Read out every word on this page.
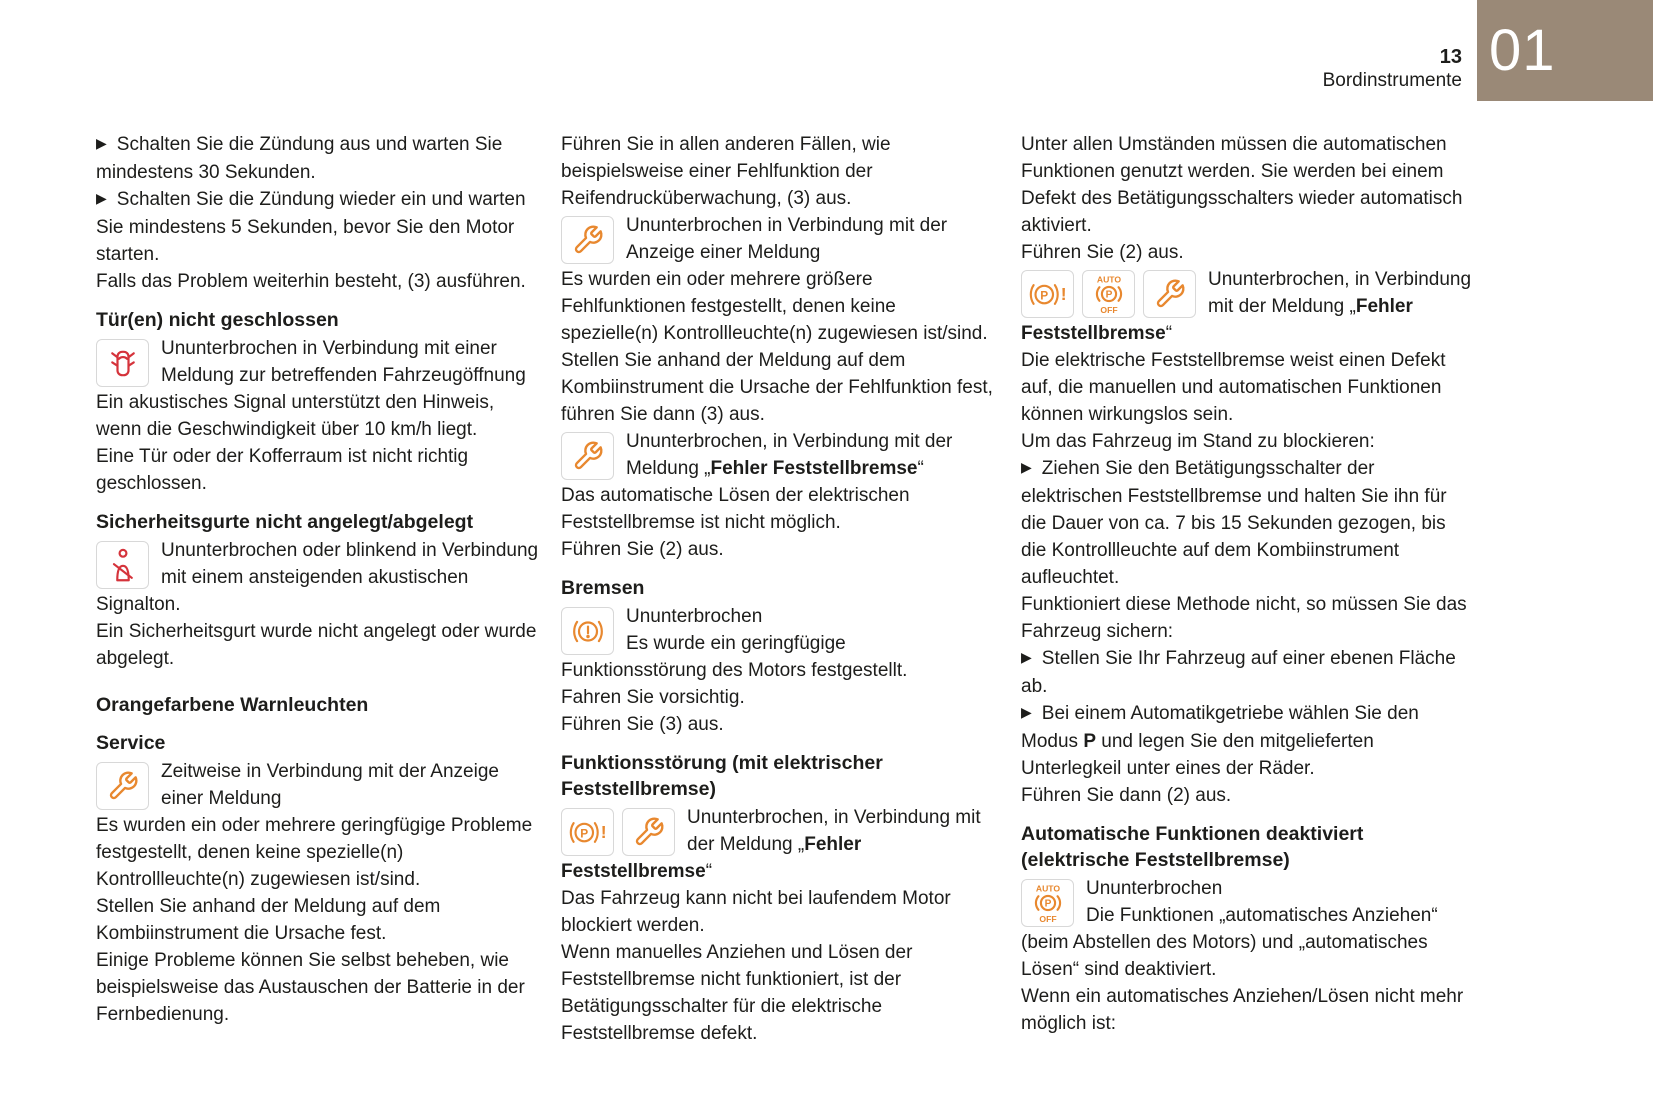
01
13
Bordinstrumente

▶ Schalten Sie die Zündung aus und warten Sie mindestens 30 Sekunden.

▶ Schalten Sie die Zündung wieder ein und warten Sie mindestens 5 Sekunden, bevor Sie den Motor starten.

Falls das Problem weiterhin besteht, (3) ausführen.

Tür(en) nicht geschlossen

Ununterbrochen in Verbindung mit einer Meldung zur betreffenden Fahrzeugöffnung

Ein akustisches Signal unterstützt den Hinweis, wenn die Geschwindigkeit über 10 km/h liegt.

Eine Tür oder der Kofferraum ist nicht richtig geschlossen.

Sicherheitsgurte nicht angelegt/abgelegt

Ununterbrochen oder blinkend in Verbindung mit einem ansteigenden akustischen Signalton.

Ein Sicherheitsgurt wurde nicht angelegt oder wurde abgelegt.

Orangefarbene Warnleuchten
Service

Zeitweise in Verbindung mit der Anzeige einer Meldung

Es wurden ein oder mehrere geringfügige Probleme festgestellt, denen keine spezielle(n) Kontrollleuchte(n) zugewiesen ist/sind.

Stellen Sie anhand der Meldung auf dem Kombiinstrument die Ursache fest.

Einige Probleme können Sie selbst beheben, wie beispielsweise das Austauschen der Batterie in der Fernbedienung.

Führen Sie in allen anderen Fällen, wie beispielsweise einer Fehlfunktion der Reifendrucküberwachung, (3) aus.

Ununterbrochen in Verbindung mit der Anzeige einer Meldung

Es wurden ein oder mehrere größere Fehlfunktionen festgestellt, denen keine spezielle(n) Kontrollleuchte(n) zugewiesen ist/sind.

Stellen Sie anhand der Meldung auf dem Kombiinstrument die Ursache der Fehlfunktion fest, führen Sie dann (3) aus.

Ununterbrochen, in Verbindung mit der Meldung „Fehler Feststellbremse“

Das automatische Lösen der elektrischen Feststellbremse ist nicht möglich.

Führen Sie (2) aus.

Bremsen

Ununterbrochen
Es wurde ein geringfügige Funktionsstörung des Motors festgestellt.

Fahren Sie vorsichtig.

Führen Sie (3) aus.

Funktionsstörung (mit elektrischer Feststellbremse)

P !
Ununterbrochen, in Verbindung mit der Meldung „Fehler Feststellbremse“

Das Fahrzeug kann nicht bei laufendem Motor blockiert werden.

Wenn manuelles Anziehen und Lösen der Feststellbremse nicht funktioniert, ist der Betätigungsschalter für die elektrische Feststellbremse defekt.

Unter allen Umständen müssen die automatischen Funktionen genutzt werden. Sie werden bei einem Defekt des Betätigungsschalters wieder automatisch aktiviert.

Führen Sie (2) aus.

P !
AUTO
P
OFF
Ununterbrochen, in Verbindung mit der Meldung „Fehler Feststellbremse“

Die elektrische Feststellbremse weist einen Defekt auf, die manuellen und automatischen Funktionen können wirkungslos sein.

Um das Fahrzeug im Stand zu blockieren:

▶ Ziehen Sie den Betätigungsschalter der elektrischen Feststellbremse und halten Sie ihn für die Dauer von ca. 7 bis 15 Sekunden gezogen, bis die Kontrollleuchte auf dem Kombiinstrument aufleuchtet.

Funktioniert diese Methode nicht, so müssen Sie das Fahrzeug sichern:

▶ Stellen Sie Ihr Fahrzeug auf einer ebenen Fläche ab.

▶ Bei einem Automatikgetriebe wählen Sie den Modus P und legen Sie den mitgelieferten Unterlegkeil unter eines der Räder.

Führen Sie dann (2) aus.

Automatische Funktionen deaktiviert (elektrische Feststellbremse)

AUTO
P
OFF
Ununterbrochen
Die Funktionen „automatisches Anziehen“ (beim Abstellen des Motors) und „automatisches Lösen“ sind deaktiviert.

Wenn ein automatisches Anziehen/Lösen nicht mehr möglich ist:
